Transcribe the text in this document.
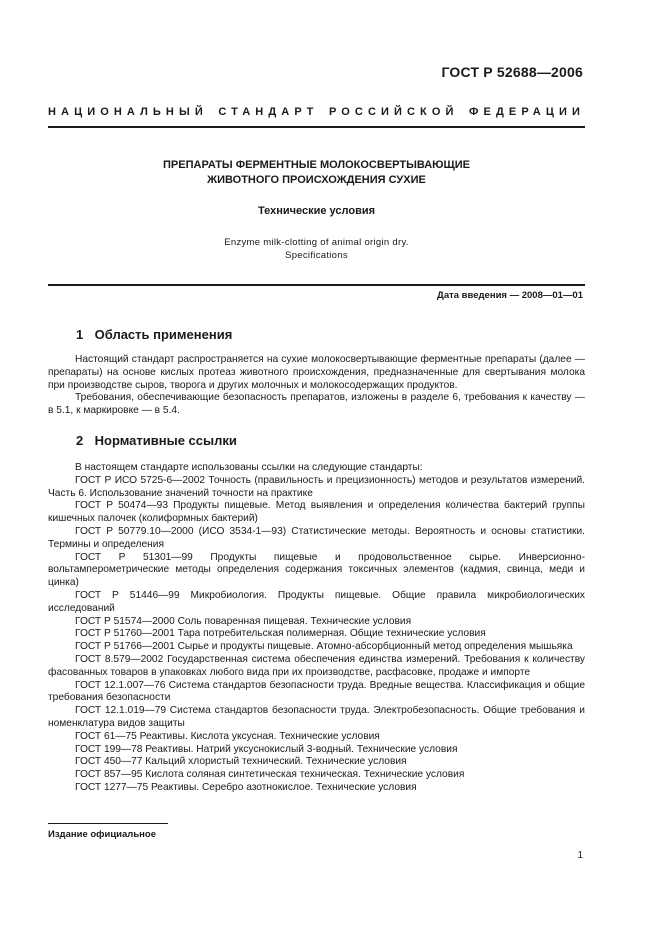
ГОСТ Р 52688—2006
НАЦИОНАЛЬНЫЙ СТАНДАРТ РОССИЙСКОЙ ФЕДЕРАЦИИ
ПРЕПАРАТЫ ФЕРМЕНТНЫЕ МОЛОКОСВЕРТЫВАЮЩИЕ
ЖИВОТНОГО ПРОИСХОЖДЕНИЯ СУХИЕ
Технические условия
Enzyme milk-clotting of animal origin dry.
Specifications
Дата введения — 2008—01—01
1 Область применения

Настоящий стандарт распространяется на сухие молокосвертывающие ферментные препараты (далее — препараты) на основе кислых протеаз животного происхождения, предназначенные для свертывания молока при производстве сыров, творога и других молочных и молокосодержащих продуктов.

Требования, обеспечивающие безопасность препаратов, изложены в разделе 6, требования к качеству — в 5.1, к маркировке — в 5.4.

2 Нормативные ссылки

В настоящем стандарте использованы ссылки на следующие стандарты:

ГОСТ Р ИСО 5725-6—2002 Точность (правильность и прецизионность) методов и результатов измерений. Часть 6. Использование значений точности на практике

ГОСТ Р 50474—93 Продукты пищевые. Метод выявления и определения количества бактерий группы кишечных палочек (колиформных бактерий)

ГОСТ Р 50779.10—2000 (ИСО 3534-1—93) Статистические методы. Вероятность и основы статистики. Термины и определения

ГОСТ Р 51301—99 Продукты пищевые и продовольственное сырье. Инверсионно-вольтамперометрические методы определения содержания токсичных элементов (кадмия, свинца, меди и цинка)

ГОСТ Р 51446—99 Микробиология. Продукты пищевые. Общие правила микробиологических исследований

ГОСТ Р 51574—2000 Соль поваренная пищевая. Технические условия

ГОСТ Р 51760—2001 Тара потребительская полимерная. Общие технические условия

ГОСТ Р 51766—2001 Сырье и продукты пищевые. Атомно-абсорбционный метод определения мышьяка

ГОСТ 8.579—2002 Государственная система обеспечения единства измерений. Требования к количеству фасованных товаров в упаковках любого вида при их производстве, расфасовке, продаже и импорте

ГОСТ 12.1.007—76 Система стандартов безопасности труда. Вредные вещества. Классификация и общие требования безопасности

ГОСТ 12.1.019—79 Система стандартов безопасности труда. Электробезопасность. Общие требования и номенклатура видов защиты

ГОСТ 61—75 Реактивы. Кислота уксусная. Технические условия

ГОСТ 199—78 Реактивы. Натрий уксуснокислый 3-водный. Технические условия

ГОСТ 450—77 Кальций хлористый технический. Технические условия

ГОСТ 857—95 Кислота соляная синтетическая техническая. Технические условия

ГОСТ 1277—75 Реактивы. Серебро азотнокислое. Технические условия

Издание официальное
1
